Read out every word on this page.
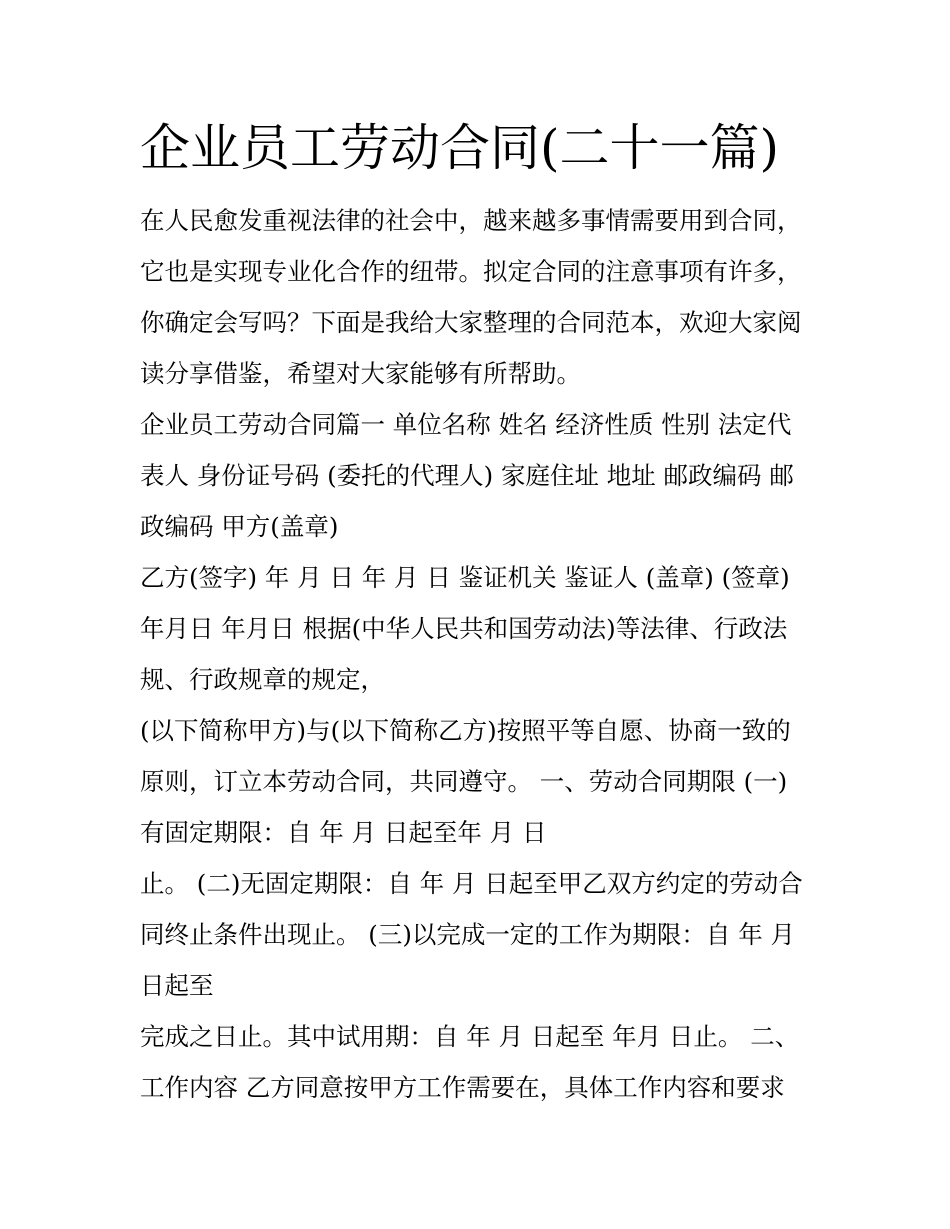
企业员工劳动合同(二十一篇)
在人民愈发重视法律的社会中，越来越多事情需要用到合同，
它也是实现专业化合作的纽带。拟定合同的注意事项有许多，
你确定会写吗？下面是我给大家整理的合同范本，欢迎大家阅
读分享借鉴，希望对大家能够有所帮助。
企业员工劳动合同篇一 单位名称 姓名 经济性质 性别 法定代
表人 身份证号码 (委托的代理人) 家庭住址 地址 邮政编码 邮
政编码 甲方(盖章)
乙方(签字) 年 月 日 年 月 日 鉴证机关 鉴证人 (盖章) (签章)
年月日 年月日 根据(中华人民共和国劳动法)等法律、行政法
规、行政规章的规定，
(以下简称甲方)与(以下简称乙方)按照平等自愿、协商一致的
原则，订立本劳动合同，共同遵守。 一、劳动合同期限 (一)
有固定期限：自 年 月 日起至年 月 日
止。 (二)无固定期限：自 年 月 日起至甲乙双方约定的劳动合
同终止条件出现止。 (三)以完成一定的工作为期限：自 年 月
日起至
完成之日止。其中试用期：自 年 月 日起至 年月 日止。 二、
工作内容 乙方同意按甲方工作需要在，具体工作内容和要求
